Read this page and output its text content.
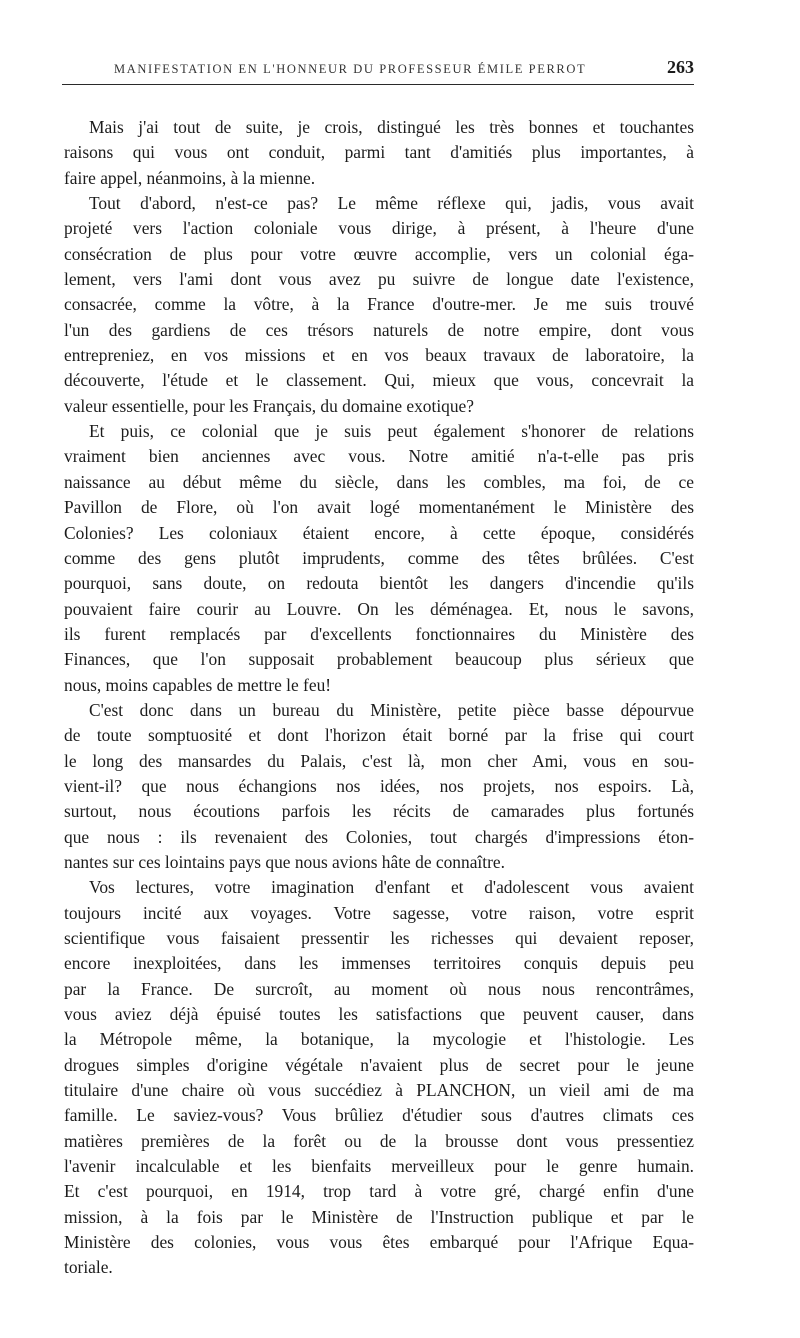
MANIFESTATION EN L'HONNEUR DU PROFESSEUR ÉMILE PERROT	263
Mais j'ai tout de suite, je crois, distingué les très bonnes et touchantes
raisons qui vous ont conduit, parmi tant d'amitiés plus importantes, à
faire appel, néanmoins, à la mienne.
Tout d'abord, n'est-ce pas? Le même réflexe qui, jadis, vous avait
projeté vers l'action coloniale vous dirige, à présent, à l'heure d'une
consécration de plus pour votre œuvre accomplie, vers un colonial éga-
lement, vers l'ami dont vous avez pu suivre de longue date l'existence,
consacrée, comme la vôtre, à la France d'outre-mer. Je me suis trouvé
l'un des gardiens de ces trésors naturels de notre empire, dont vous
entrepreniez, en vos missions et en vos beaux travaux de laboratoire, la
découverte, l'étude et le classement. Qui, mieux que vous, concevrait la
valeur essentielle, pour les Français, du domaine exotique?
Et puis, ce colonial que je suis peut également s'honorer de relations
vraiment bien anciennes avec vous. Notre amitié n'a-t-elle pas pris
naissance au début même du siècle, dans les combles, ma foi, de ce
Pavillon de Flore, où l'on avait logé momentanément le Ministère des
Colonies? Les coloniaux étaient encore, à cette époque, considérés
comme des gens plutôt imprudents, comme des têtes brûlées. C'est
pourquoi, sans doute, on redouta bientôt les dangers d'incendie qu'ils
pouvaient faire courir au Louvre. On les déménagea. Et, nous le savons,
ils furent remplacés par d'excellents fonctionnaires du Ministère des
Finances, que l'on supposait probablement beaucoup plus sérieux que
nous, moins capables de mettre le feu!
C'est donc dans un bureau du Ministère, petite pièce basse dépourvue
de toute somptuosité et dont l'horizon était borné par la frise qui court
le long des mansardes du Palais, c'est là, mon cher Ami, vous en sou-
vient-il? que nous échangions nos idées, nos projets, nos espoirs. Là,
surtout, nous écoutions parfois les récits de camarades plus fortunés
que nous : ils revenaient des Colonies, tout chargés d'impressions éton-
nantes sur ces lointains pays que nous avions hâte de connaître.
Vos lectures, votre imagination d'enfant et d'adolescent vous avaient
toujours incité aux voyages. Votre sagesse, votre raison, votre esprit
scientifique vous faisaient pressentir les richesses qui devaient reposer,
encore inexploitées, dans les immenses territoires conquis depuis peu
par la France. De surcroît, au moment où nous nous rencontrâmes,
vous aviez déjà épuisé toutes les satisfactions que peuvent causer, dans
la Métropole même, la botanique, la mycologie et l'histologie. Les
drogues simples d'origine végétale n'avaient plus de secret pour le jeune
titulaire d'une chaire où vous succédiez à PLANCHON, un vieil ami de ma
famille. Le saviez-vous? Vous brûliez d'étudier sous d'autres climats ces
matières premières de la forêt ou de la brousse dont vous pressentiez
l'avenir incalculable et les bienfaits merveilleux pour le genre humain.
Et c'est pourquoi, en 1914, trop tard à votre gré, chargé enfin d'une
mission, à la fois par le Ministère de l'Instruction publique et par le
Ministère des colonies, vous vous êtes embarqué pour l'Afrique Equa-
toriale.
